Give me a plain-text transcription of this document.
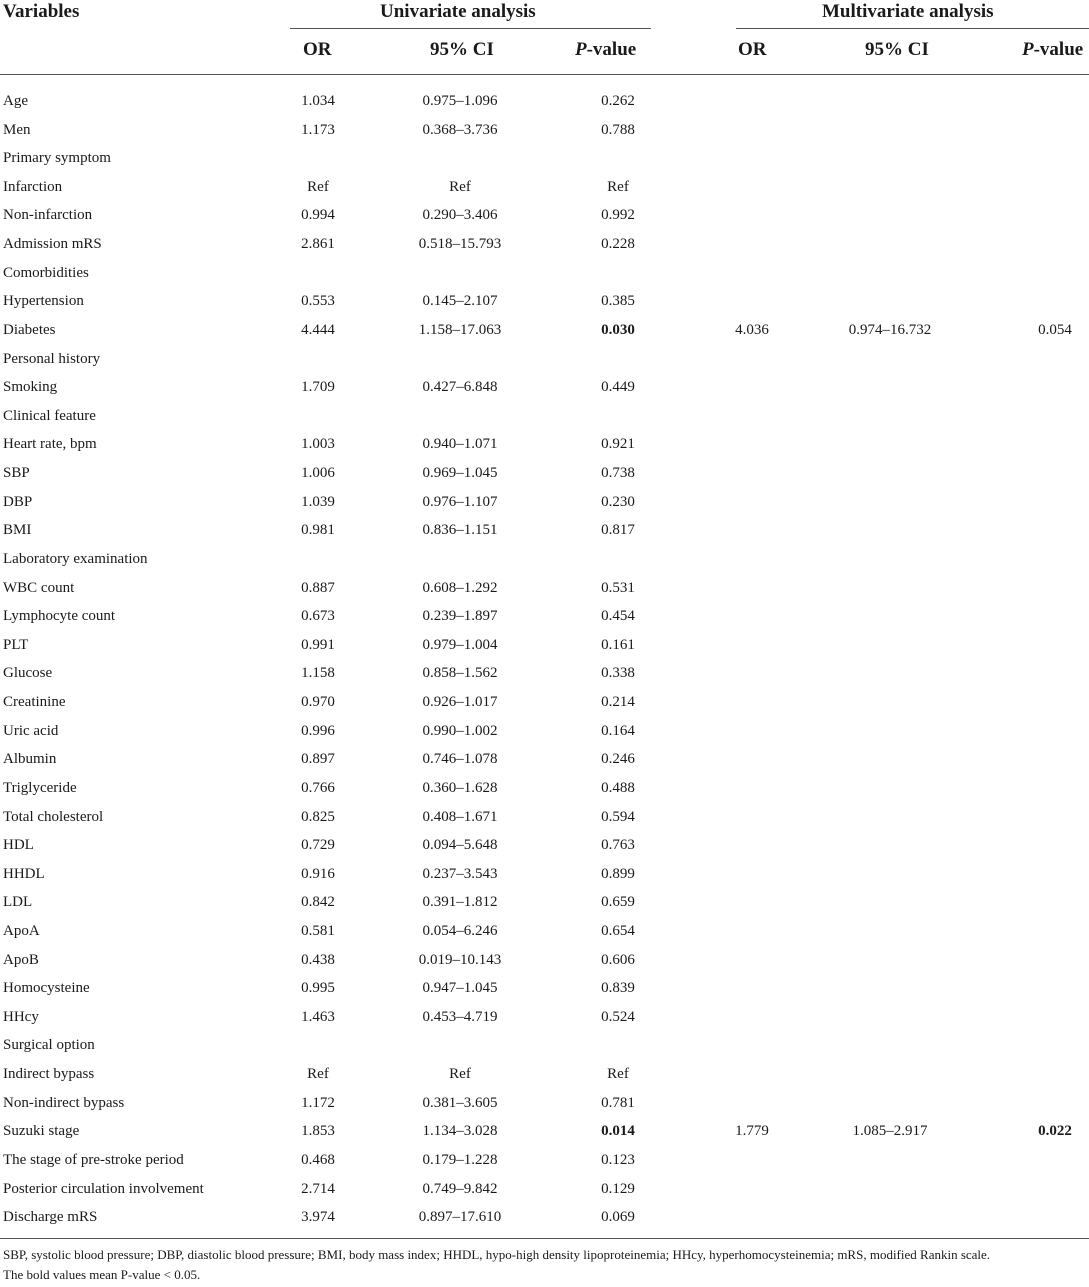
Variables	Univariate analysis	Multivariate analysis
OR	95% CI	P-value	OR	95% CI	P-value
Age	1.034	0.975–1.096	0.262
Men	1.173	0.368–3.736	0.788
Primary symptom
Infarction	Ref	Ref	Ref
Non-infarction	0.994	0.290–3.406	0.992
Admission mRS	2.861	0.518–15.793	0.228
Comorbidities
Hypertension	0.553	0.145–2.107	0.385
Diabetes	4.444	1.158–17.063	0.030	4.036	0.974–16.732	0.054
Personal history
Smoking	1.709	0.427–6.848	0.449
Clinical feature
Heart rate, bpm	1.003	0.940–1.071	0.921
SBP	1.006	0.969–1.045	0.738
DBP	1.039	0.976–1.107	0.230
BMI	0.981	0.836–1.151	0.817
Laboratory examination
WBC count	0.887	0.608–1.292	0.531
Lymphocyte count	0.673	0.239–1.897	0.454
PLT	0.991	0.979–1.004	0.161
Glucose	1.158	0.858–1.562	0.338
Creatinine	0.970	0.926–1.017	0.214
Uric acid	0.996	0.990–1.002	0.164
Albumin	0.897	0.746–1.078	0.246
Triglyceride	0.766	0.360–1.628	0.488
Total cholesterol	0.825	0.408–1.671	0.594
HDL	0.729	0.094–5.648	0.763
HHDL	0.916	0.237–3.543	0.899
LDL	0.842	0.391–1.812	0.659
ApoA	0.581	0.054–6.246	0.654
ApoB	0.438	0.019–10.143	0.606
Homocysteine	0.995	0.947–1.045	0.839
HHcy	1.463	0.453–4.719	0.524
Surgical option
Indirect bypass	Ref	Ref	Ref
Non-indirect bypass	1.172	0.381–3.605	0.781
Suzuki stage	1.853	1.134–3.028	0.014	1.779	1.085–2.917	0.022
The stage of pre-stroke period	0.468	0.179–1.228	0.123
Posterior circulation involvement	2.714	0.749–9.842	0.129
Discharge mRS	3.974	0.897–17.610	0.069
SBP, systolic blood pressure; DBP, diastolic blood pressure; BMI, body mass index; HHDL, hypo-high density lipoproteinemia; HHcy, hyperhomocysteinemia; mRS, modified Rankin scale.
The bold values mean P-value < 0.05.
